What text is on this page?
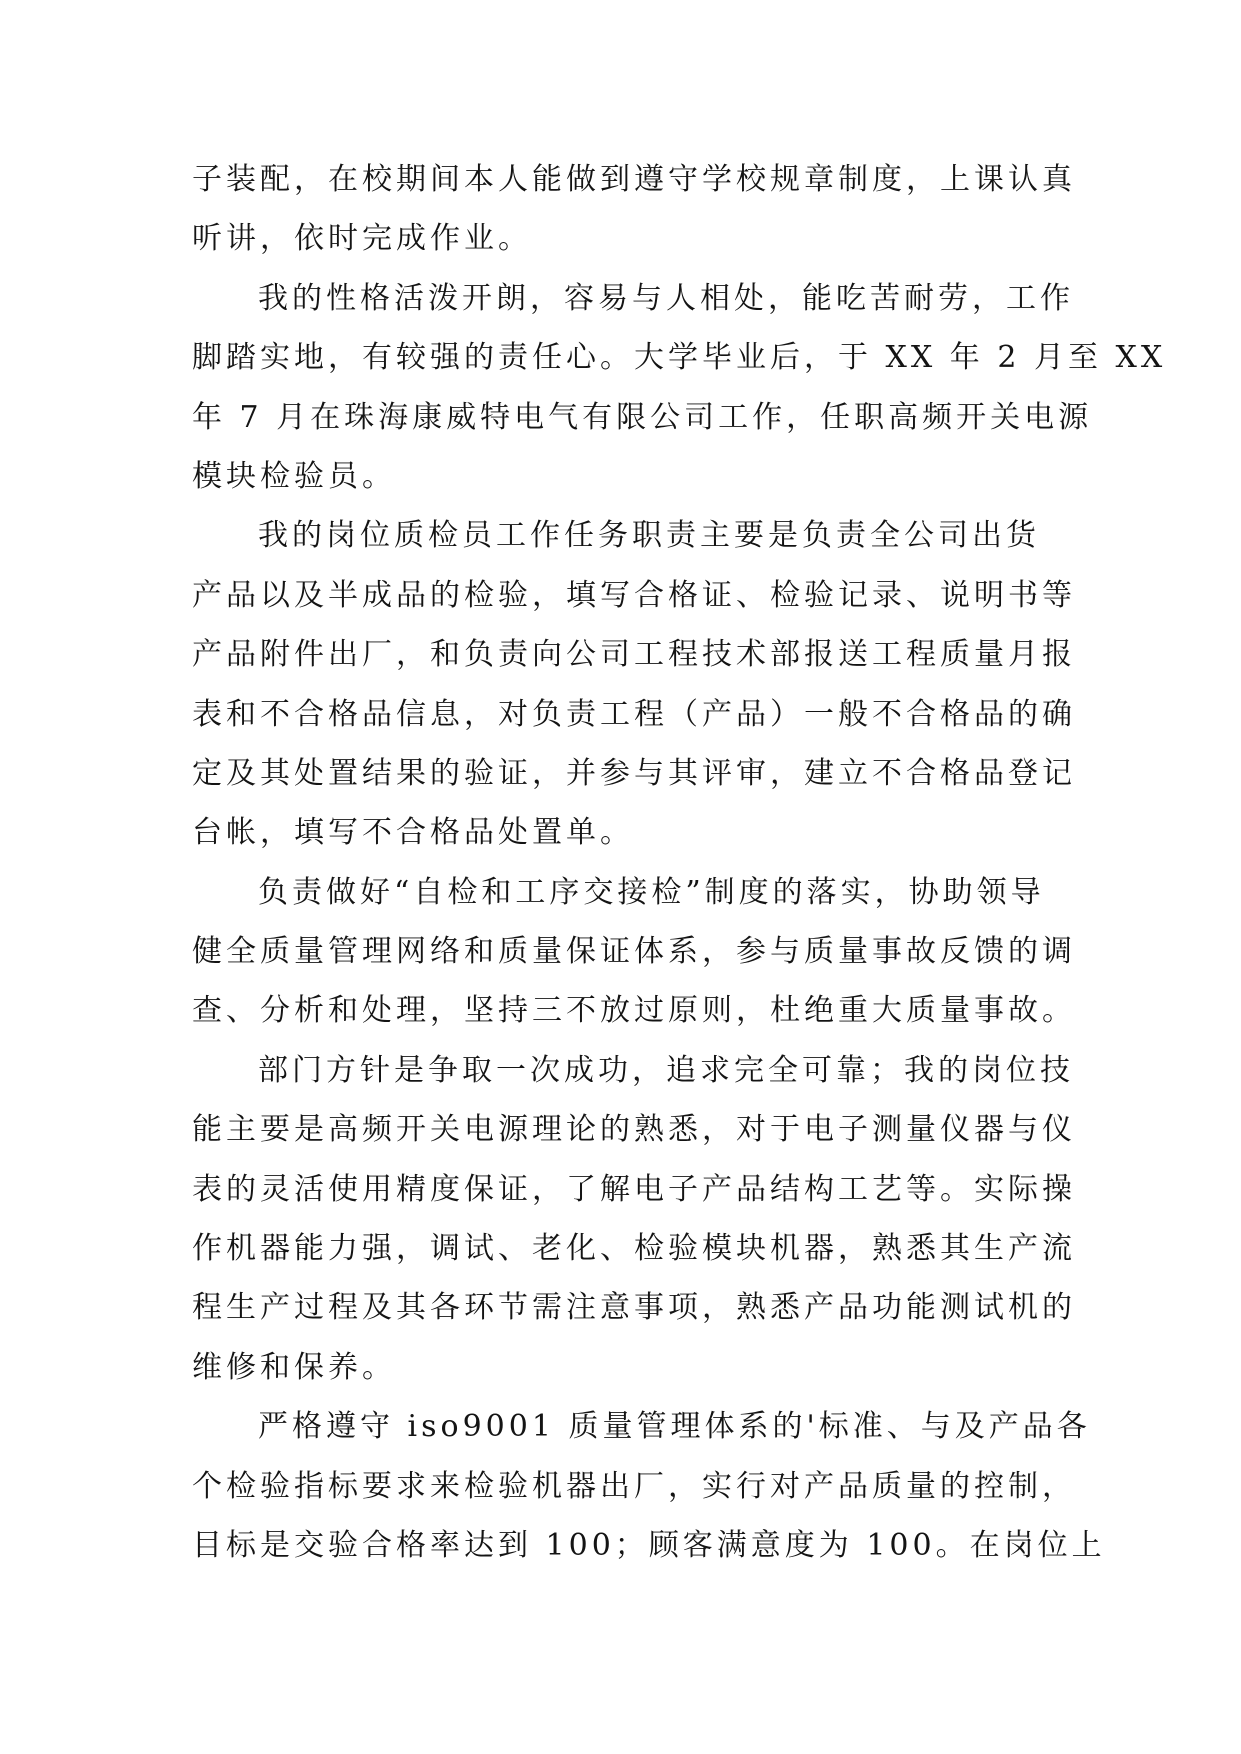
子装配，在校期间本人能做到遵守学校规章制度，上课认真
听讲，依时完成作业。
我的性格活泼开朗，容易与人相处，能吃苦耐劳，工作
脚踏实地，有较强的责任心。大学毕业后，于 XX 年 2 月至 XX
年 7 月在珠海康威特电气有限公司工作，任职高频开关电源
模块检验员。
我的岗位质检员工作任务职责主要是负责全公司出货
产品以及半成品的检验，填写合格证、检验记录、说明书等
产品附件出厂，和负责向公司工程技术部报送工程质量月报
表和不合格品信息，对负责工程（产品）一般不合格品的确
定及其处置结果的验证，并参与其评审，建立不合格品登记
台帐，填写不合格品处置单。
负责做好“自检和工序交接检”制度的落实，协助领导
健全质量管理网络和质量保证体系，参与质量事故反馈的调
查、分析和处理，坚持三不放过原则，杜绝重大质量事故。
部门方针是争取一次成功，追求完全可靠；我的岗位技
能主要是高频开关电源理论的熟悉，对于电子测量仪器与仪
表的灵活使用精度保证，了解电子产品结构工艺等。实际操
作机器能力强，调试、老化、检验模块机器，熟悉其生产流
程生产过程及其各环节需注意事项，熟悉产品功能测试机的
维修和保养。
严格遵守 iso9001 质量管理体系的'标准、与及产品各
个检验指标要求来检验机器出厂，实行对产品质量的控制，
目标是交验合格率达到 100；顾客满意度为 100。在岗位上
